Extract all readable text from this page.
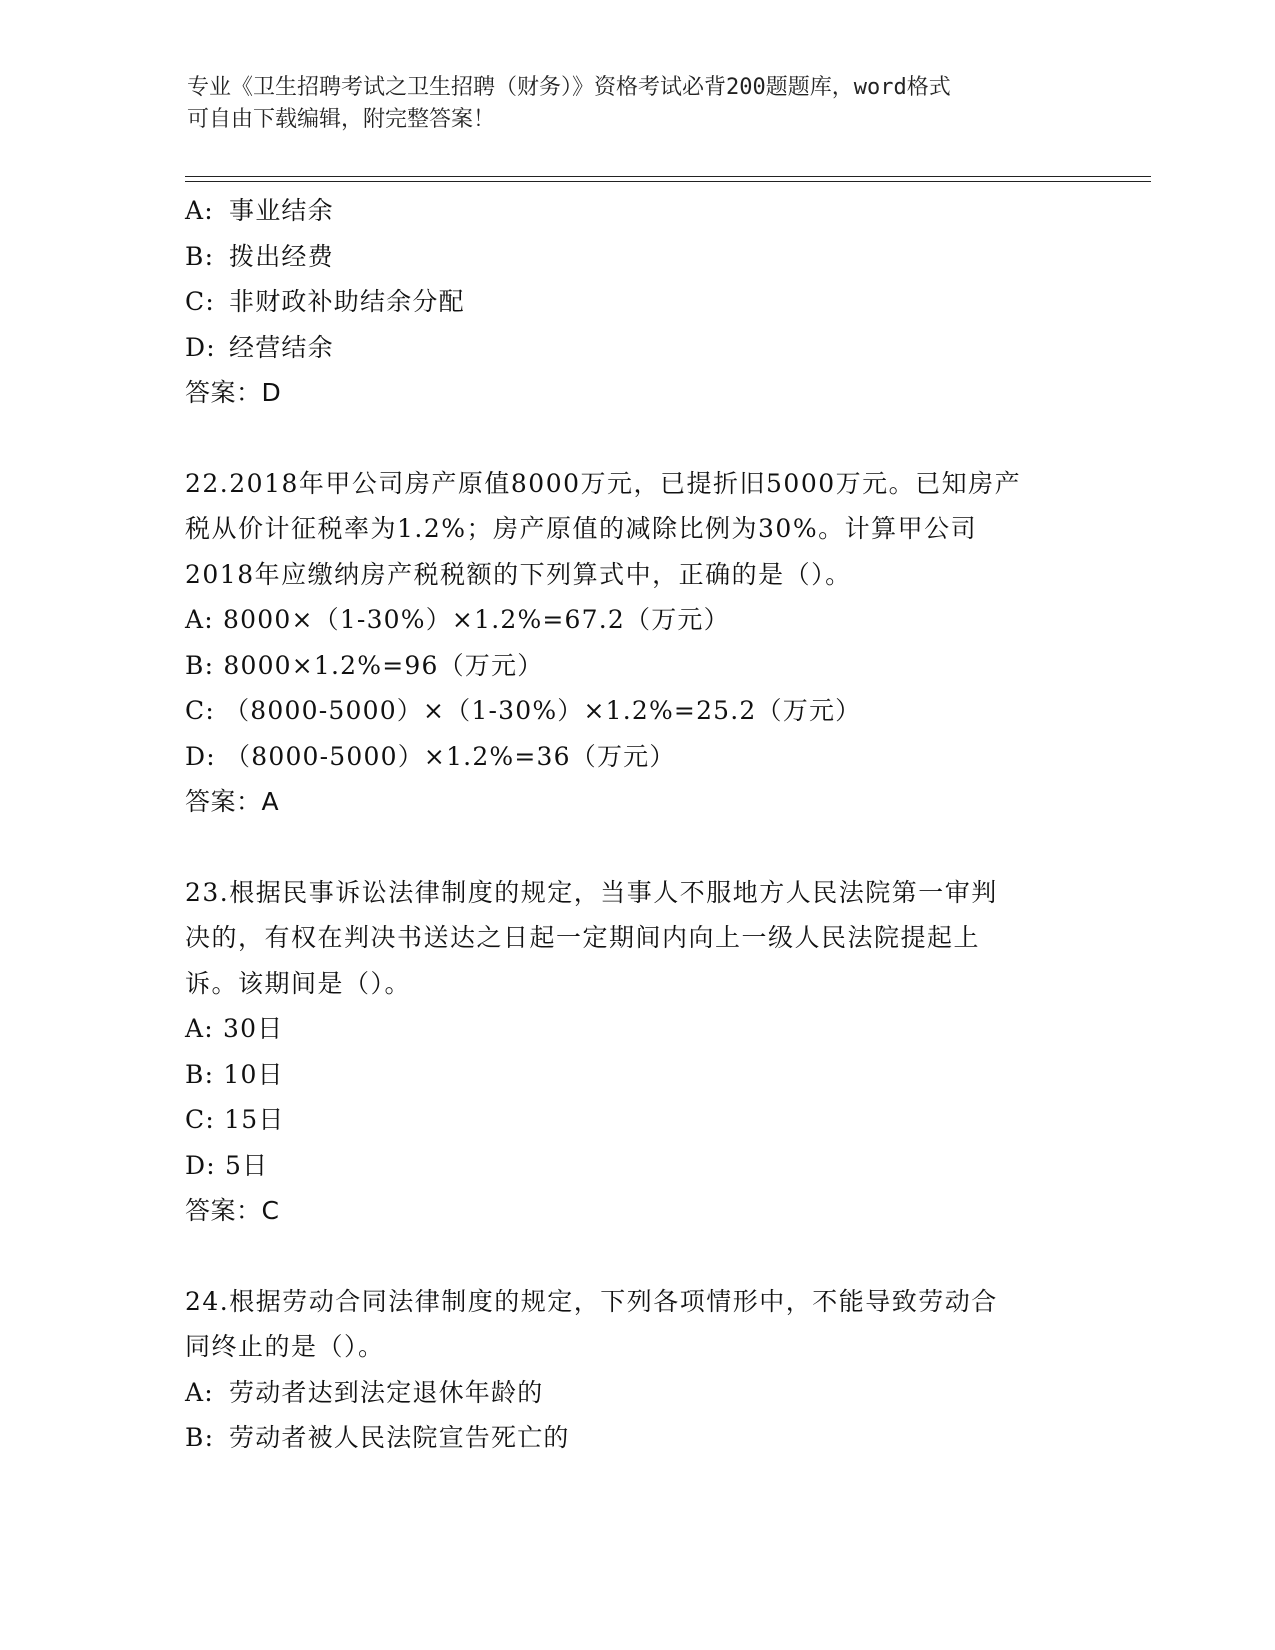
专业《卫生招聘考试之卫生招聘（财务）》资格考试必背200题题库，word格式
可自由下载编辑，附完整答案！
A: 事业结余
B: 拨出经费
C: 非财政补助结余分配
D: 经营结余
答案：D
22.2018年甲公司房产原值8000万元，已提折旧5000万元。已知房产
税从价计征税率为1.2%；房产原值的减除比例为30%。计算甲公司
2018年应缴纳房产税税额的下列算式中，正确的是（）。
A: 8000×（1-30%）×1.2%=67.2（万元）
B: 8000×1.2%=96（万元）
C: （8000-5000）×（1-30%）×1.2%=25.2（万元）
D: （8000-5000）×1.2%=36（万元）
答案：A
23.根据民事诉讼法律制度的规定，当事人不服地方人民法院第一审判
决的，有权在判决书送达之日起一定期间内向上一级人民法院提起上
诉。该期间是（）。
A: 30日
B: 10日
C: 15日
D: 5日
答案：C
24.根据劳动合同法律制度的规定，下列各项情形中，不能导致劳动合
同终止的是（）。
A: 劳动者达到法定退休年龄的
B: 劳动者被人民法院宣告死亡的
